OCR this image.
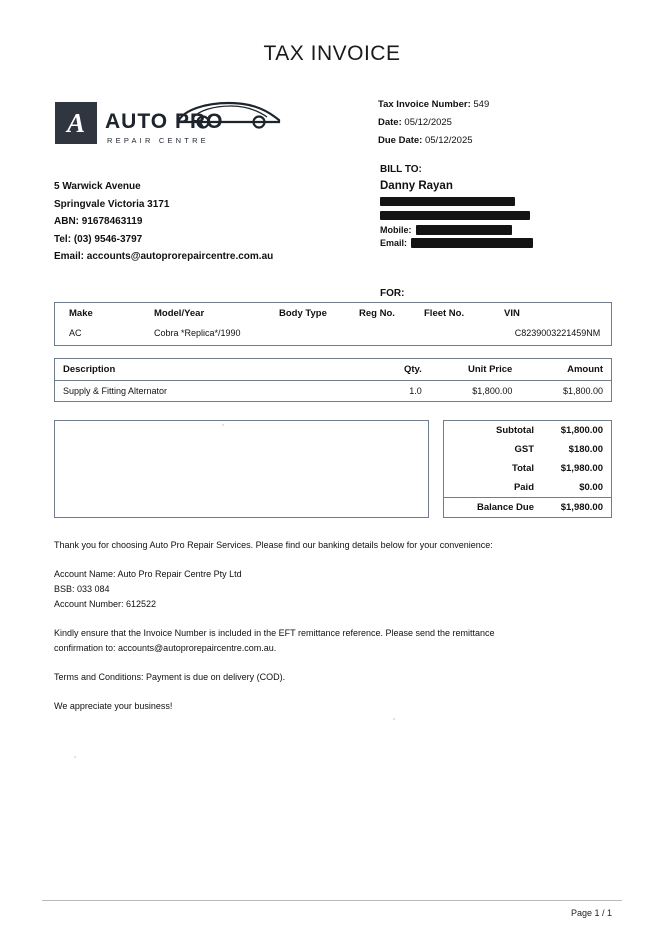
TAX INVOICE
A AUTO PRO
REPAIR CENTRE
5 Warwick Avenue
Springvale Victoria 3171
ABN: 91678463119
Tel: (03) 9546-3797
Email: accounts@autoprorepaircentre.com.au
Tax Invoice Number: 549
Date: 05/12/2025
Due Date: 05/12/2025
BILL TO:
Danny Rayan
Mobile:
Email:
FOR:
Make	Model/Year	Body Type	Reg No.	Fleet No.	VIN
AC	Cobra *Replica*/1990				C8239003221459NM
Description	Qty.	Unit Price	Amount
Supply & Fitting Alternator	1.0	$1,800.00	$1,800.00
Subtotal	$1,800.00
GST	$180.00
Total	$1,980.00
Paid	$0.00
Balance Due	$1,980.00

Thank you for choosing Auto Pro Repair Services. Please find our banking details below for your convenience:

Account Name: Auto Pro Repair Centre Pty Ltd
BSB: 033 084
Account Number: 612522

Kindly ensure that the Invoice Number is included in the EFT remittance reference. Please send the remittance
confirmation to: accounts@autoprorepaircentre.com.au.

Terms and Conditions: Payment is due on delivery (COD).

We appreciate your business!

Page 1 / 1
